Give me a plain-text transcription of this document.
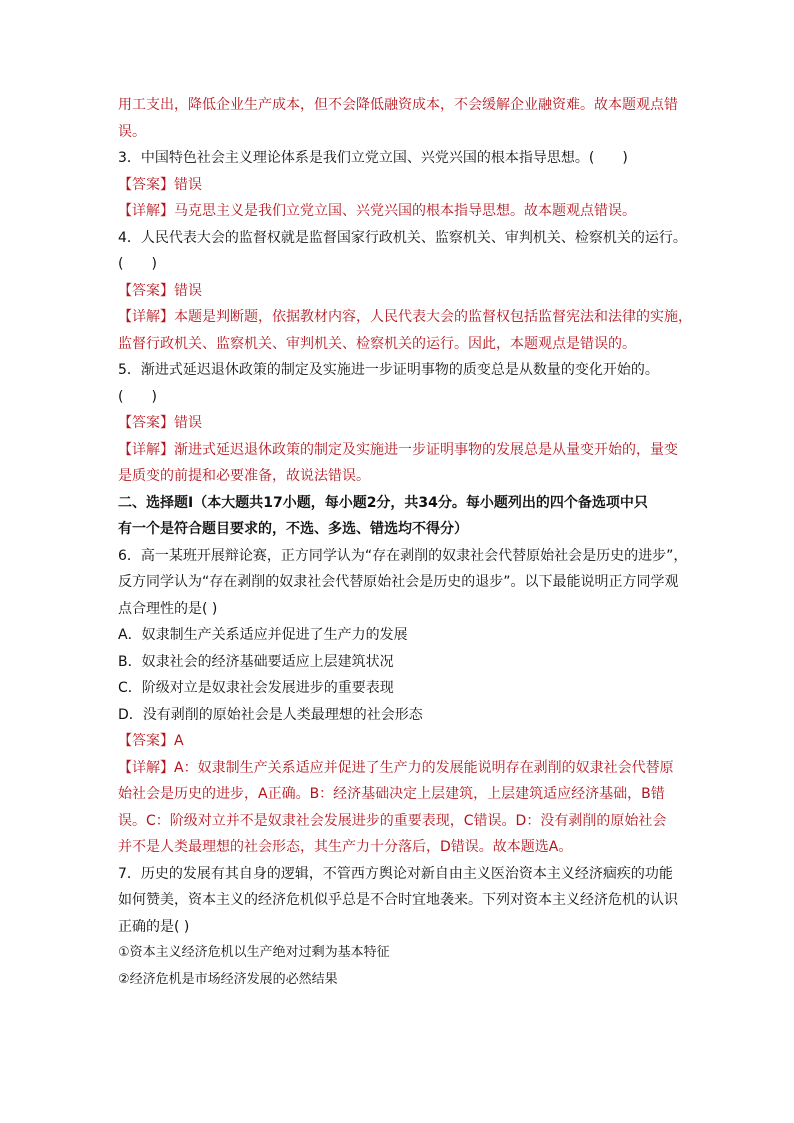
用工支出，降低企业生产成本，但不会降低融资成本，不会缓解企业融资难。故本题观点错
误。
3．中国特色社会主义理论体系是我们立党立国、兴党兴国的根本指导思想。(　　)
【答案】错误
【详解】马克思主义是我们立党立国、兴党兴国的根本指导思想。故本题观点错误。
4．人民代表大会的监督权就是监督国家行政机关、监察机关、审判机关、检察机关的运行。
(　　)
【答案】错误
【详解】本题是判断题，依据教材内容，人民代表大会的监督权包括监督宪法和法律的实施，
监督行政机关、监察机关、审判机关、检察机关的运行。因此，本题观点是错误的。
5．渐进式延迟退休政策的制定及实施进一步证明事物的质变总是从数量的变化开始的。
(　　)
【答案】错误
【详解】渐进式延迟退休政策的制定及实施进一步证明事物的发展总是从量变开始的，量变
是质变的前提和必要准备，故说法错误。
二、选择题Ⅰ（本大题共17小题，每小题2分，共34分。每小题列出的四个备选项中只
有一个是符合题目要求的，不选、多选、错选均不得分）
6．高一某班开展辩论赛，正方同学认为“存在剥削的奴隶社会代替原始社会是历史的进步”，
反方同学认为“存在剥削的奴隶社会代替原始社会是历史的退步”。以下最能说明正方同学观
点合理性的是( )
A．奴隶制生产关系适应并促进了生产力的发展
B．奴隶社会的经济基础要适应上层建筑状况
C．阶级对立是奴隶社会发展进步的重要表现
D．没有剥削的原始社会是人类最理想的社会形态
【答案】A
【详解】A：奴隶制生产关系适应并促进了生产力的发展能说明存在剥削的奴隶社会代替原
始社会是历史的进步，A正确。B：经济基础决定上层建筑，上层建筑适应经济基础，B错
误。C：阶级对立并不是奴隶社会发展进步的重要表现，C错误。D：没有剥削的原始社会
并不是人类最理想的社会形态，其生产力十分落后，D错误。故本题选A。
7．历史的发展有其自身的逻辑，不管西方舆论对新自由主义医治资本主义经济痼疾的功能
如何赞美，资本主义的经济危机似乎总是不合时宜地袭来。下列对资本主义经济危机的认识
正确的是( )
①资本主义经济危机以生产绝对过剩为基本特征
②经济危机是市场经济发展的必然结果
